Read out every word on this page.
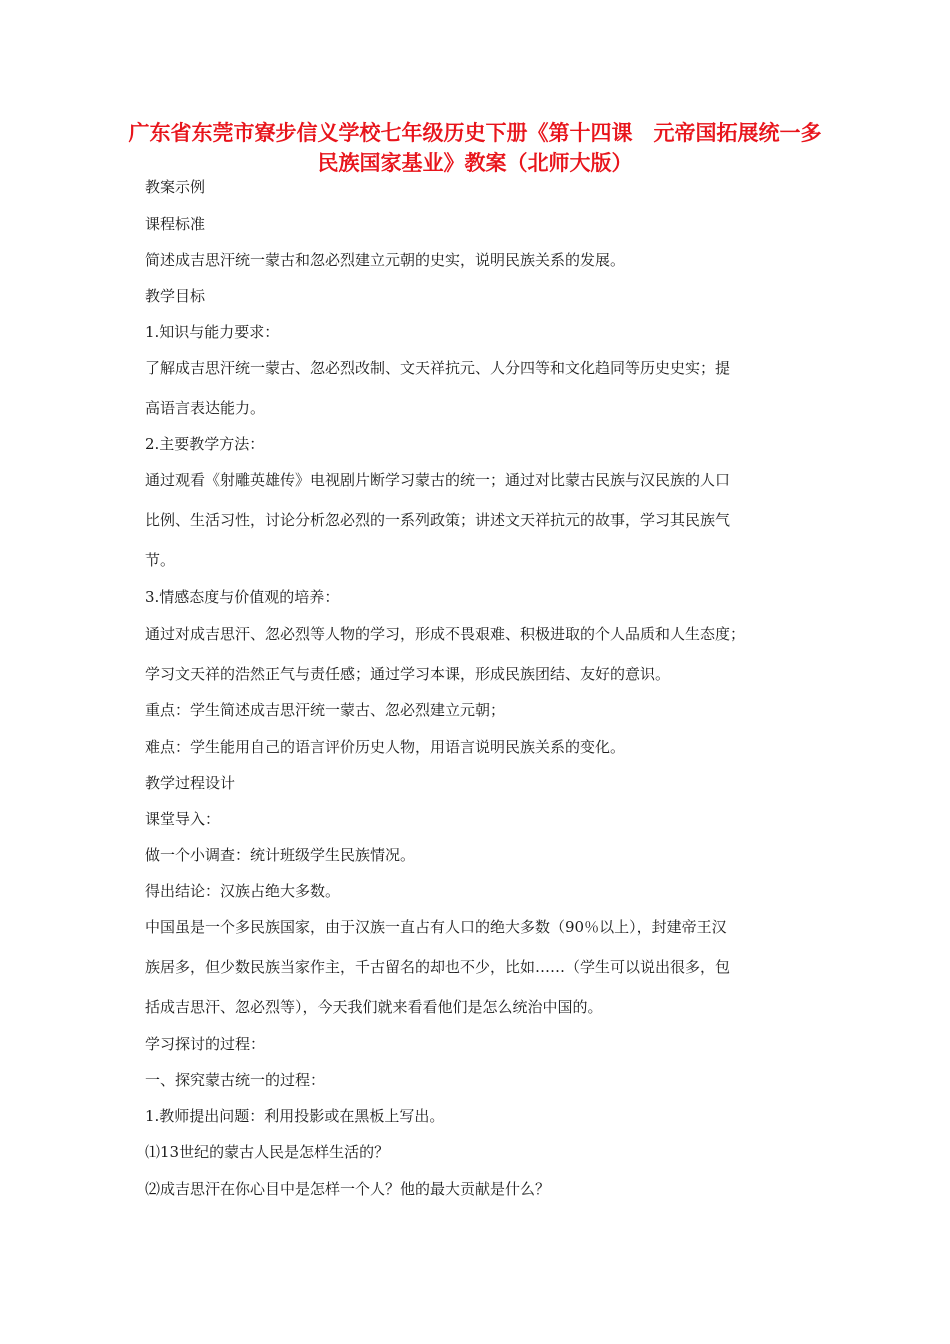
广东省东莞市寮步信义学校七年级历史下册《第十四课　元帝国拓展统一多民族国家基业》教案（北师大版）

教案示例

课程标准

简述成吉思汗统一蒙古和忽必烈建立元朝的史实，说明民族关系的发展。

教学目标

1.知识与能力要求：

了解成吉思汗统一蒙古、忽必烈改制、文天祥抗元、人分四等和文化趋同等历史史实；提

高语言表达能力。

2.主要教学方法：

通过观看《射雕英雄传》电视剧片断学习蒙古的统一；通过对比蒙古民族与汉民族的人口

比例、生活习性，讨论分析忽必烈的一系列政策；讲述文天祥抗元的故事，学习其民族气

节。

3.情感态度与价值观的培养：

通过对成吉思汗、忽必烈等人物的学习，形成不畏艰难、积极进取的个人品质和人生态度；

学习文天祥的浩然正气与责任感；通过学习本课，形成民族团结、友好的意识。

重点：学生简述成吉思汗统一蒙古、忽必烈建立元朝；

难点：学生能用自己的语言评价历史人物，用语言说明民族关系的变化。

教学过程设计

课堂导入：

做一个小调查：统计班级学生民族情况。

得出结论：汉族占绝大多数。

中国虽是一个多民族国家，由于汉族一直占有人口的绝大多数（90％以上），封建帝王汉

族居多，但少数民族当家作主，千古留名的却也不少，比如……（学生可以说出很多，包

括成吉思汗、忽必烈等），今天我们就来看看他们是怎么统治中国的。

学习探讨的过程：

一、探究蒙古统一的过程：

1.教师提出问题：利用投影或在黑板上写出。

⑴13世纪的蒙古人民是怎样生活的？

⑵成吉思汗在你心目中是怎样一个人？他的最大贡献是什么？
